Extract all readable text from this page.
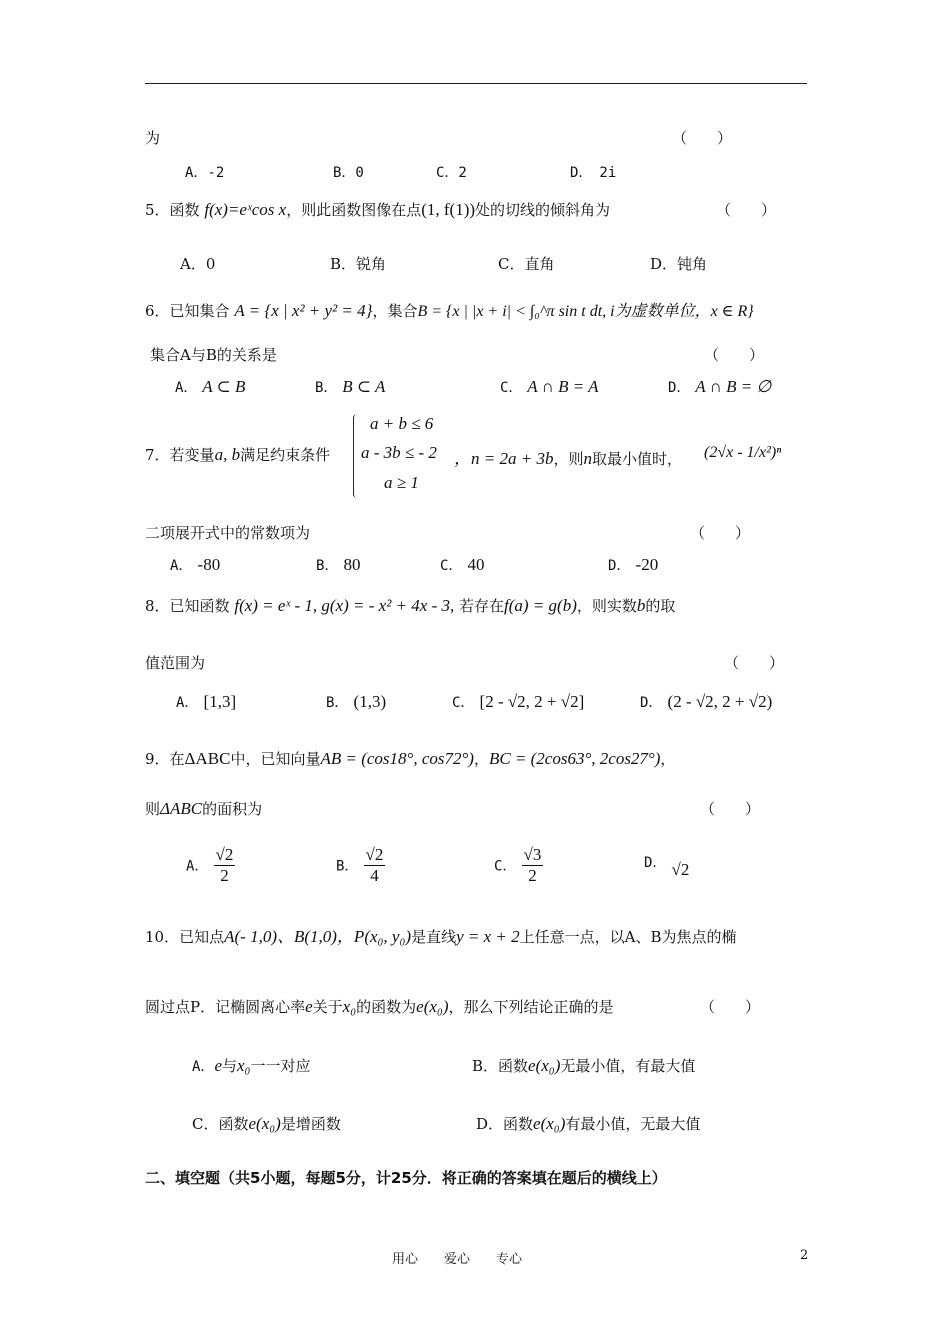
为	（　　）
A．-2	B．0	C．2	D．　2i
5．函数 f(x)=eˣcos x，则此函数图像在点(1, f(1))处的切线的倾斜角为	（　　）
A．0	B．锐角	C．直角	D．钝角
6．已知集合 A = {x | x² + y² = 4}，集合B = {x | |x + i| < ∫₀^π sin t dt, i为虚数单位，x ∈ R}
集合A与B的关系是	（　　）
A． A ⊂ B	B． B ⊂ A	C． A ∩ B = A	D． A ∩ B = ∅
7．若变量a, b满足约束条件
a + b ≤ 6
a - 3b ≤ - 2
a ≥ 1
，n = 2a + 3b，则n取最小值时， (2√x - 1/x²)ⁿ
二项展开式中的常数项为	（　　）
A． -80	B． 80	C． 40	D． -20
8．已知函数 f(x) = eˣ - 1, g(x) = - x² + 4x - 3, 若存在f(a) = g(b)，则实数b的取
值范围为	（　　）
A． [1,3]	B． (1,3)	C． [2 - √2, 2 + √2]	D． (2 - √2, 2 + √2)
9．在ΔABC中，已知向量AB = (cos18°, cos72°)，BC = (2cos63°, 2cos27°)，
则ΔABC的面积为	（　　）
A． $\frac{√2}{2}$	B． $\frac{√2}{4}$	C． $\frac{√3}{2}$	D． √2
10．已知点A(- 1,0)、B(1,0)，P(x₀, y₀)是直线y = x + 2上任意一点，以A、B为焦点的椭
圆过点P．记椭圆离心率e关于x₀的函数为e(x₀)，那么下列结论正确的是	（　　）
A．e与x₀一一对应	B．函数e(x₀)无最小值，有最大值
C．函数e(x₀)是增函数	D．函数e(x₀)有最小值，无最大值
二、填空题（共5小题，每题5分，计25分．将正确的答案填在题后的横线上）
用心　　爱心　　专心	2
